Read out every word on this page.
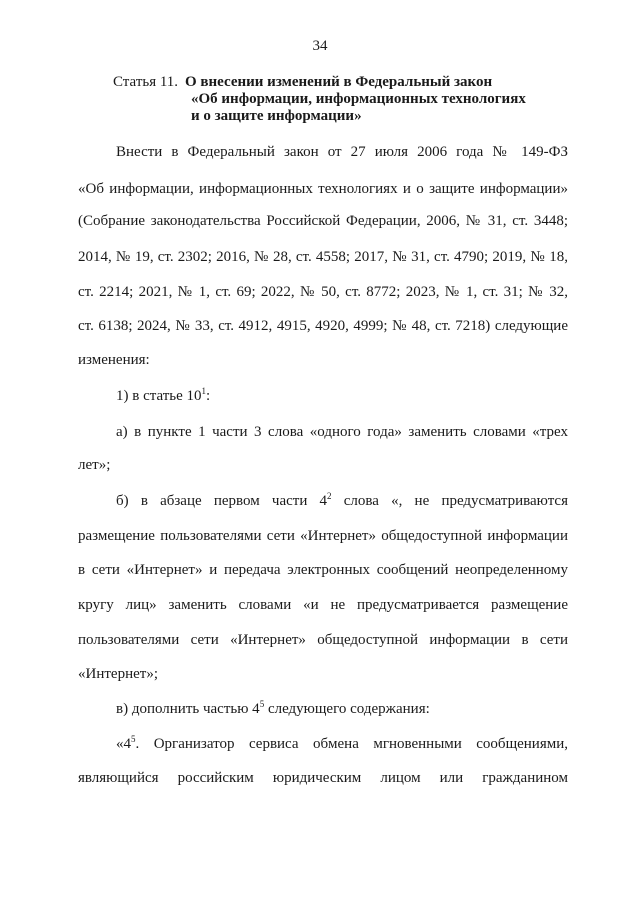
34
Статья 11. О внесении изменений в Федеральный закон
«Об информации, информационных технологиях
и о защите информации»
Внести в Федеральный закон от 27 июля 2006 года № 149-ФЗ
«Об информации, информационных технологиях и о защите информации»
(Собрание законодательства Российской Федерации, 2006, № 31, ст. 3448;
2014, № 19, ст. 2302; 2016, № 28, ст. 4558; 2017, № 31, ст. 4790; 2019, № 18,
ст. 2214; 2021, № 1, ст. 69; 2022, № 50, ст. 8772; 2023, № 1, ст. 31; № 32,
ст. 6138; 2024, № 33, ст. 4912, 4915, 4920, 4999; № 48, ст. 7218) следующие
изменения:
1) в статье $10^1$:
а) в пункте 1 части 3 слова «одного года» заменить словами «трех
лет»;
б) в абзаце первом части $4^2$ слова «, не предусматриваются
размещение пользователями сети «Интернет» общедоступной информации
в сети «Интернет» и передача электронных сообщений неопределенному
кругу лиц» заменить словами «и не предусматривается размещение
пользователями сети «Интернет» общедоступной информации в сети
«Интернет»;
в) дополнить частью $4^5$ следующего содержания:
«$4^5$. Организатор сервиса обмена мгновенными сообщениями,
являющийся российским юридическим лицом или гражданином
